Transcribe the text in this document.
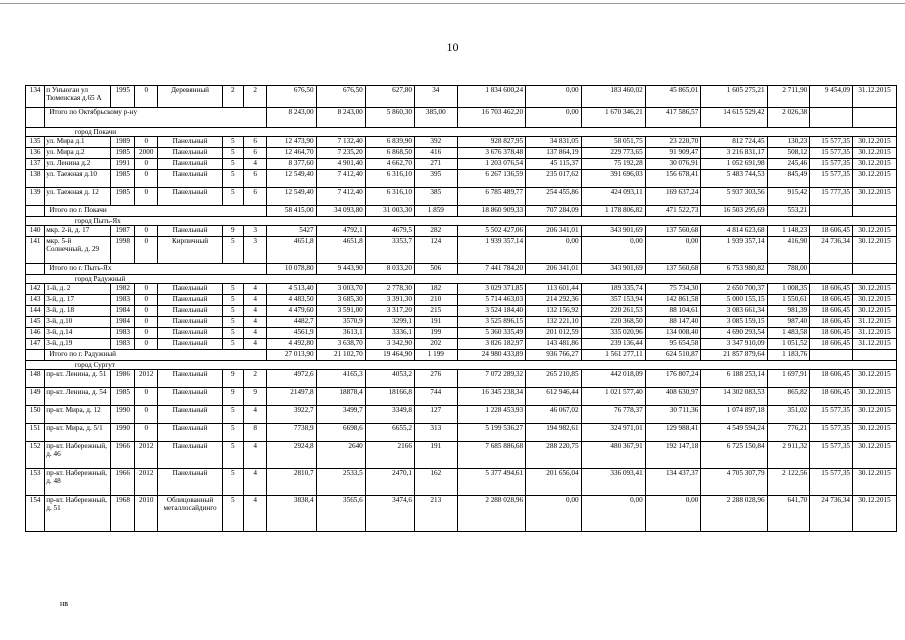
10
134	п Унъюган ул Тюменская д.65 А	1995	0	Деревянный	2	2	676,50	676,50	627,80	34	1 834 600,24	0,00	183 460,02	45 865,01	1 605 275,21	2 711,90	9 454,09	31.12.2015
	Итого по Октябрьскому р-ну						8 243,00	8 243,00	5 860,30	385,00	16 703 462,20	0,00	1 670 346,21	417 586,57	14 615 529,42	2 026,38		
	город Покачи																	
135	ул. Мира д.1	1989	0	Панельный	5	6	12 473,90	7 132,40	6 839,90	392	928 827,95	34 831,05	58 051,75	23 220,70	812 724,45	130,23	15 577,35	30.12.2015
136	ул. Мира д.2	1985	2000	Панельный	5	6	12 464,70	7 235,20	6 868,50	416	3 676 378,48	137 864,19	229 773,65	91 909,47	3 216 831,17	508,12	15 577,35	30.12.2015
137	ул. Ленина д.2	1991	0	Панельный	5	4	8 377,60	4 901,40	4 662,70	271	1 203 076,54	45 115,37	75 192,28	30 076,91	1 052 691,98	245,46	15 577,35	30.12.2015
138	ул. Таежная д.10	1985	0	Панельный	5	6	12 549,40	7 412,40	6 316,10	395	6 267 136,59	235 017,62	391 696,03	156 678,41	5 483 744,53	845,49	15 577,35	30.12.2015
139	ул. Таежная д. 12	1985	0	Панельный	5	6	12 549,40	7 412,40	6 316,10	385	6 785 489,77	254 455,86	424 093,11	169 637,24	5 937 303,56	915,42	15 777,35	30.12.2015
	Итого по г. Покачи						58 415,00	34 093,80	31 003,30	1 859	18 860 909,33	707 284,09	1 178 806,82	471 522,73	16 503 295,69	553,21		
	город Пыть-Ях																	
140	мкр. 2-й, д. 17	1987	0	Панельный	9	3	5427	4792,1	4679,5	282	5 502 427,06	206 341,01	343 901,69	137 560,68	4 814 623,68	1 148,23	18 606,45	30.12.2015
141	мкр. 5-й Солнечный, д. 29	1998	0	Кирпичный	5	3	4651,8	4651,8	3353,7	124	1 939 357,14	0,00	0,00	0,00	1 939 357,14	416,90	24 736,34	30.12.2015
	Итого по г. Пыть-Ях						10 078,80	9 443,90	8 033,20	506	7 441 784,20	206 341,01	343 901,69	137 560,68	6 753 980,82	788,00		
	город Радужный																	
142	1-й, д. 2	1982	0	Панельный	5	4	4 513,40	3 003,70	2 778,30	182	3 029 371,85	113 601,44	189 335,74	75 734,30	2 650 700,37	1 008,35	18 606,45	30.12.2015
143	3-й, д. 17	1983	0	Панельный	5	4	4 483,50	3 685,30	3 391,30	210	5 714 463,03	214 292,36	357 153,94	142 861,58	5 000 155,15	1 550,61	18 606,45	30.12.2015
144	3-й, д. 18	1984	0	Панельный	5	4	4 479,60	3 591,00	3 317,20	215	3 524 184,40	132 156,92	220 261,53	88 104,61	3 083 661,34	981,39	18 606,45	30.12.2015
145	3-й, д.10	1984	0	Панельный	5	4	4482,7	3570,9	3299,1	191	3 525 896,15	132 221,10	220 368,50	88 147,40	3 085 159,15	987,40	18 606,45	31.12.2015
146	3-й, д.14	1983	0	Панельный	5	4	4561,9	3613,1	3336,1	199	5 360 335,49	201 012,59	335 020,96	134 008,40	4 690 293,54	1 483,58	18 606,45	31.12.2015
147	3-й, д.19	1983	0	Панельный	5	4	4 492,80	3 638,70	3 342,90	202	3 826 182,97	143 481,86	239 136,44	95 654,58	3 347 910,09	1 051,52	18 606,45	31.12.2015
	Итого по г. Радужный						27 013,90	21 102,70	19 464,90	1 199	24 980 433,89	936 766,27	1 561 277,11	624 510,87	21 857 879,64	1 183,76		
	город Сургут																	
148	пр-кт. Ленина, д. 51	1986	2012	Панельный	9	2	4972,6	4165,3	4053,2	276	7 072 289,32	265 210,85	442 018,09	176 807,24	6 188 253,14	1 697,91	18 606,45	30.12.2015
149	пр-кт. Ленина, д. 54	1985	0	Панельный	9	9	21497,8	18878,4	18166,8	744	16 345 238,34	612 946,44	1 021 577,40	408 630,97	14 302 083,53	865,82	18 606,45	30.12.2015
150	пр-кт. Мира, д. 12	1990	0	Панельный	5	4	3922,7	3499,7	3349,8	127	1 228 453,93	46 067,02	76 778,37	30 711,36	1 074 897,18	351,02	15 577,35	30.12.2015
151	пр-кт. Мира, д. 5/1	1990	0	Панельный	5	8	7738,9	6698,6	6655,2	313	5 199 536,27	194 982,61	324 971,01	129 988,41	4 549 594,24	776,21	15 577,35	30.12.2015
152	пр-кт. Набережный, д. 46	1966	2012	Панельный	5	4	2924,8	2640	2166	191	7 685 886,68	288 220,75	480 367,91	192 147,18	6 725 150,84	2 911,32	15 577,35	30.12.2015
153	пр-кт. Набережный, д. 48	1966	2012	Панельный	5	4	2810,7	2533,5	2470,1	162	5 377 494,61	201 656,04	336 093,41	134 437,37	4 705 307,79	2 122,56	15 577,35	30.12.2015
154	пр-кт. Набережный, д. 51	1968	2010	Облицованный металлосайдинго	5	4	3838,4	3565,6	3474,6	213	2 288 028,96	0,00	0,00	0,00	2 288 028,96	641,70	24 736,34	30.12.2015
нв
